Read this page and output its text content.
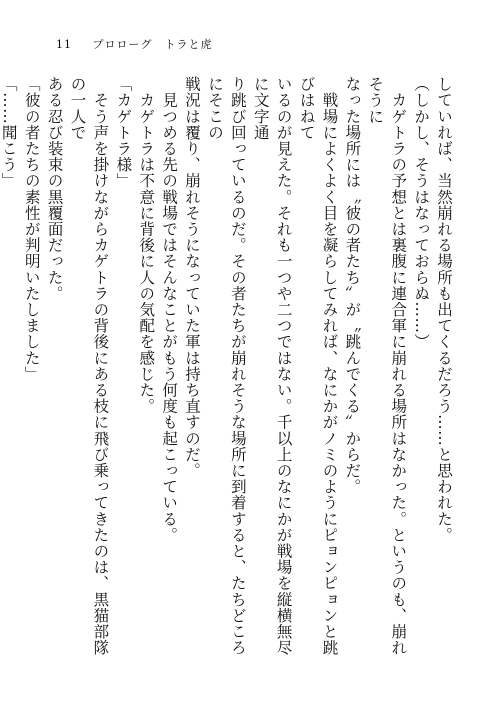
11 プロローグ　トラと虎

していれば、当然崩れる場所も出てくるだろう……と思われた。

（しかし、そうはなっておらぬ……）

　カゲトラの予想とは裏腹に連合軍に崩れる場所はなかった。というのも、崩れそうに

なった場所には〝彼の者たち〟が〝跳んでくる〟からだ。

　戦場によくよく目を凝らしてみれば、なにかがノミのようにピョンピョンと跳びはねて

いるのが見えた。それも一つや二つではない。千以上のなにかが戦場を縦横無尽に文字通

り跳び回っているのだ。その者たちが崩れそうな場所に到着すると、たちどころにそこの

戦況は覆り、崩れそうになっていた軍は持ち直すのだ。

　見つめる先の戦場ではそんなことがもう何度も起こっている。

　カゲトラは不意に背後に人の気配を感じた。

「カゲトラ様」

　そう声を掛けながらカゲトラの背後にある枝に飛び乗ってきたのは、黒猫部隊の一人で

ある忍び装束の黒覆面だった。

「彼の者たちの素性が判明いたしました」

「……聞こう」
